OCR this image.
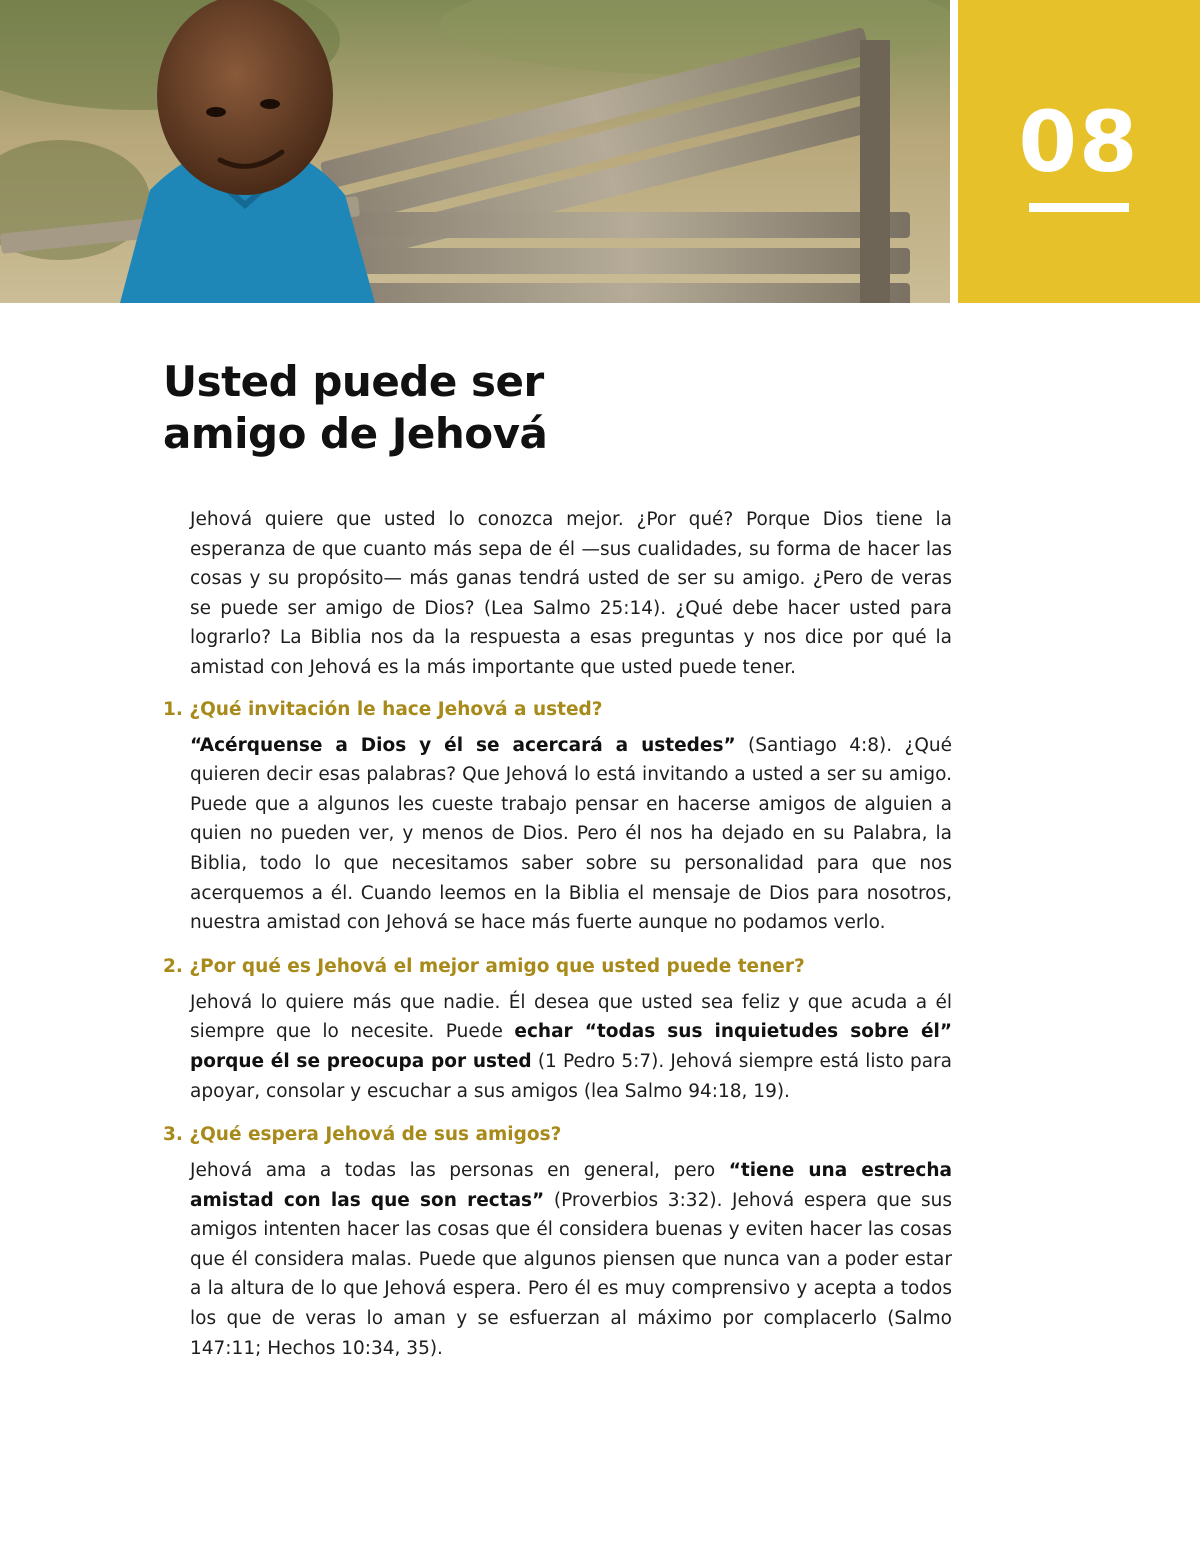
08
Usted puede ser
amigo de Jehová

Jehová quiere que usted lo conozca mejor. ¿Por qué? Porque Dios tiene la esperanza de que cuanto más sepa de él —sus cualidades, su forma de hacer las cosas y su propósito— más ganas tendrá usted de ser su amigo. ¿Pero de veras se puede ser amigo de Dios? (Lea Salmo 25:14). ¿Qué debe hacer usted para lograrlo? La Biblia nos da la respuesta a esas preguntas y nos dice por qué la amistad con Jehová es la más importante que usted puede tener.

1. ¿Qué invitación le hace Jehová a usted?

“Acérquense a Dios y él se acercará a ustedes” (Santiago 4:8). ¿Qué quieren decir esas palabras? Que Jehová lo está invitando a usted a ser su amigo. Puede que a algunos les cueste trabajo pensar en hacerse amigos de alguien a quien no pueden ver, y menos de Dios. Pero él nos ha dejado en su Palabra, la Biblia, todo lo que necesitamos saber sobre su personalidad para que nos acerquemos a él. Cuando leemos en la Biblia el mensaje de Dios para nosotros, nuestra amistad con Jehová se hace más fuerte aunque no podamos verlo.

2. ¿Por qué es Jehová el mejor amigo que usted puede tener?

Jehová lo quiere más que nadie. Él desea que usted sea feliz y que acuda a él siempre que lo necesite. Puede echar “todas sus inquietudes sobre él” porque él se preocupa por usted (1 Pedro 5:7). Jehová siempre está listo para apoyar, consolar y escuchar a sus amigos (lea Salmo 94:18, 19).

3. ¿Qué espera Jehová de sus amigos?

Jehová ama a todas las personas en general, pero “tiene una estrecha amistad con las que son rectas” (Proverbios 3:32). Jehová espera que sus amigos intenten hacer las cosas que él considera buenas y eviten hacer las cosas que él considera malas. Puede que algunos piensen que nunca van a poder estar a la altura de lo que Jehová espera. Pero él es muy comprensivo y acepta a todos los que de veras lo aman y se esfuerzan al máximo por complacerlo (Salmo 147:11; Hechos 10:34, 35).
